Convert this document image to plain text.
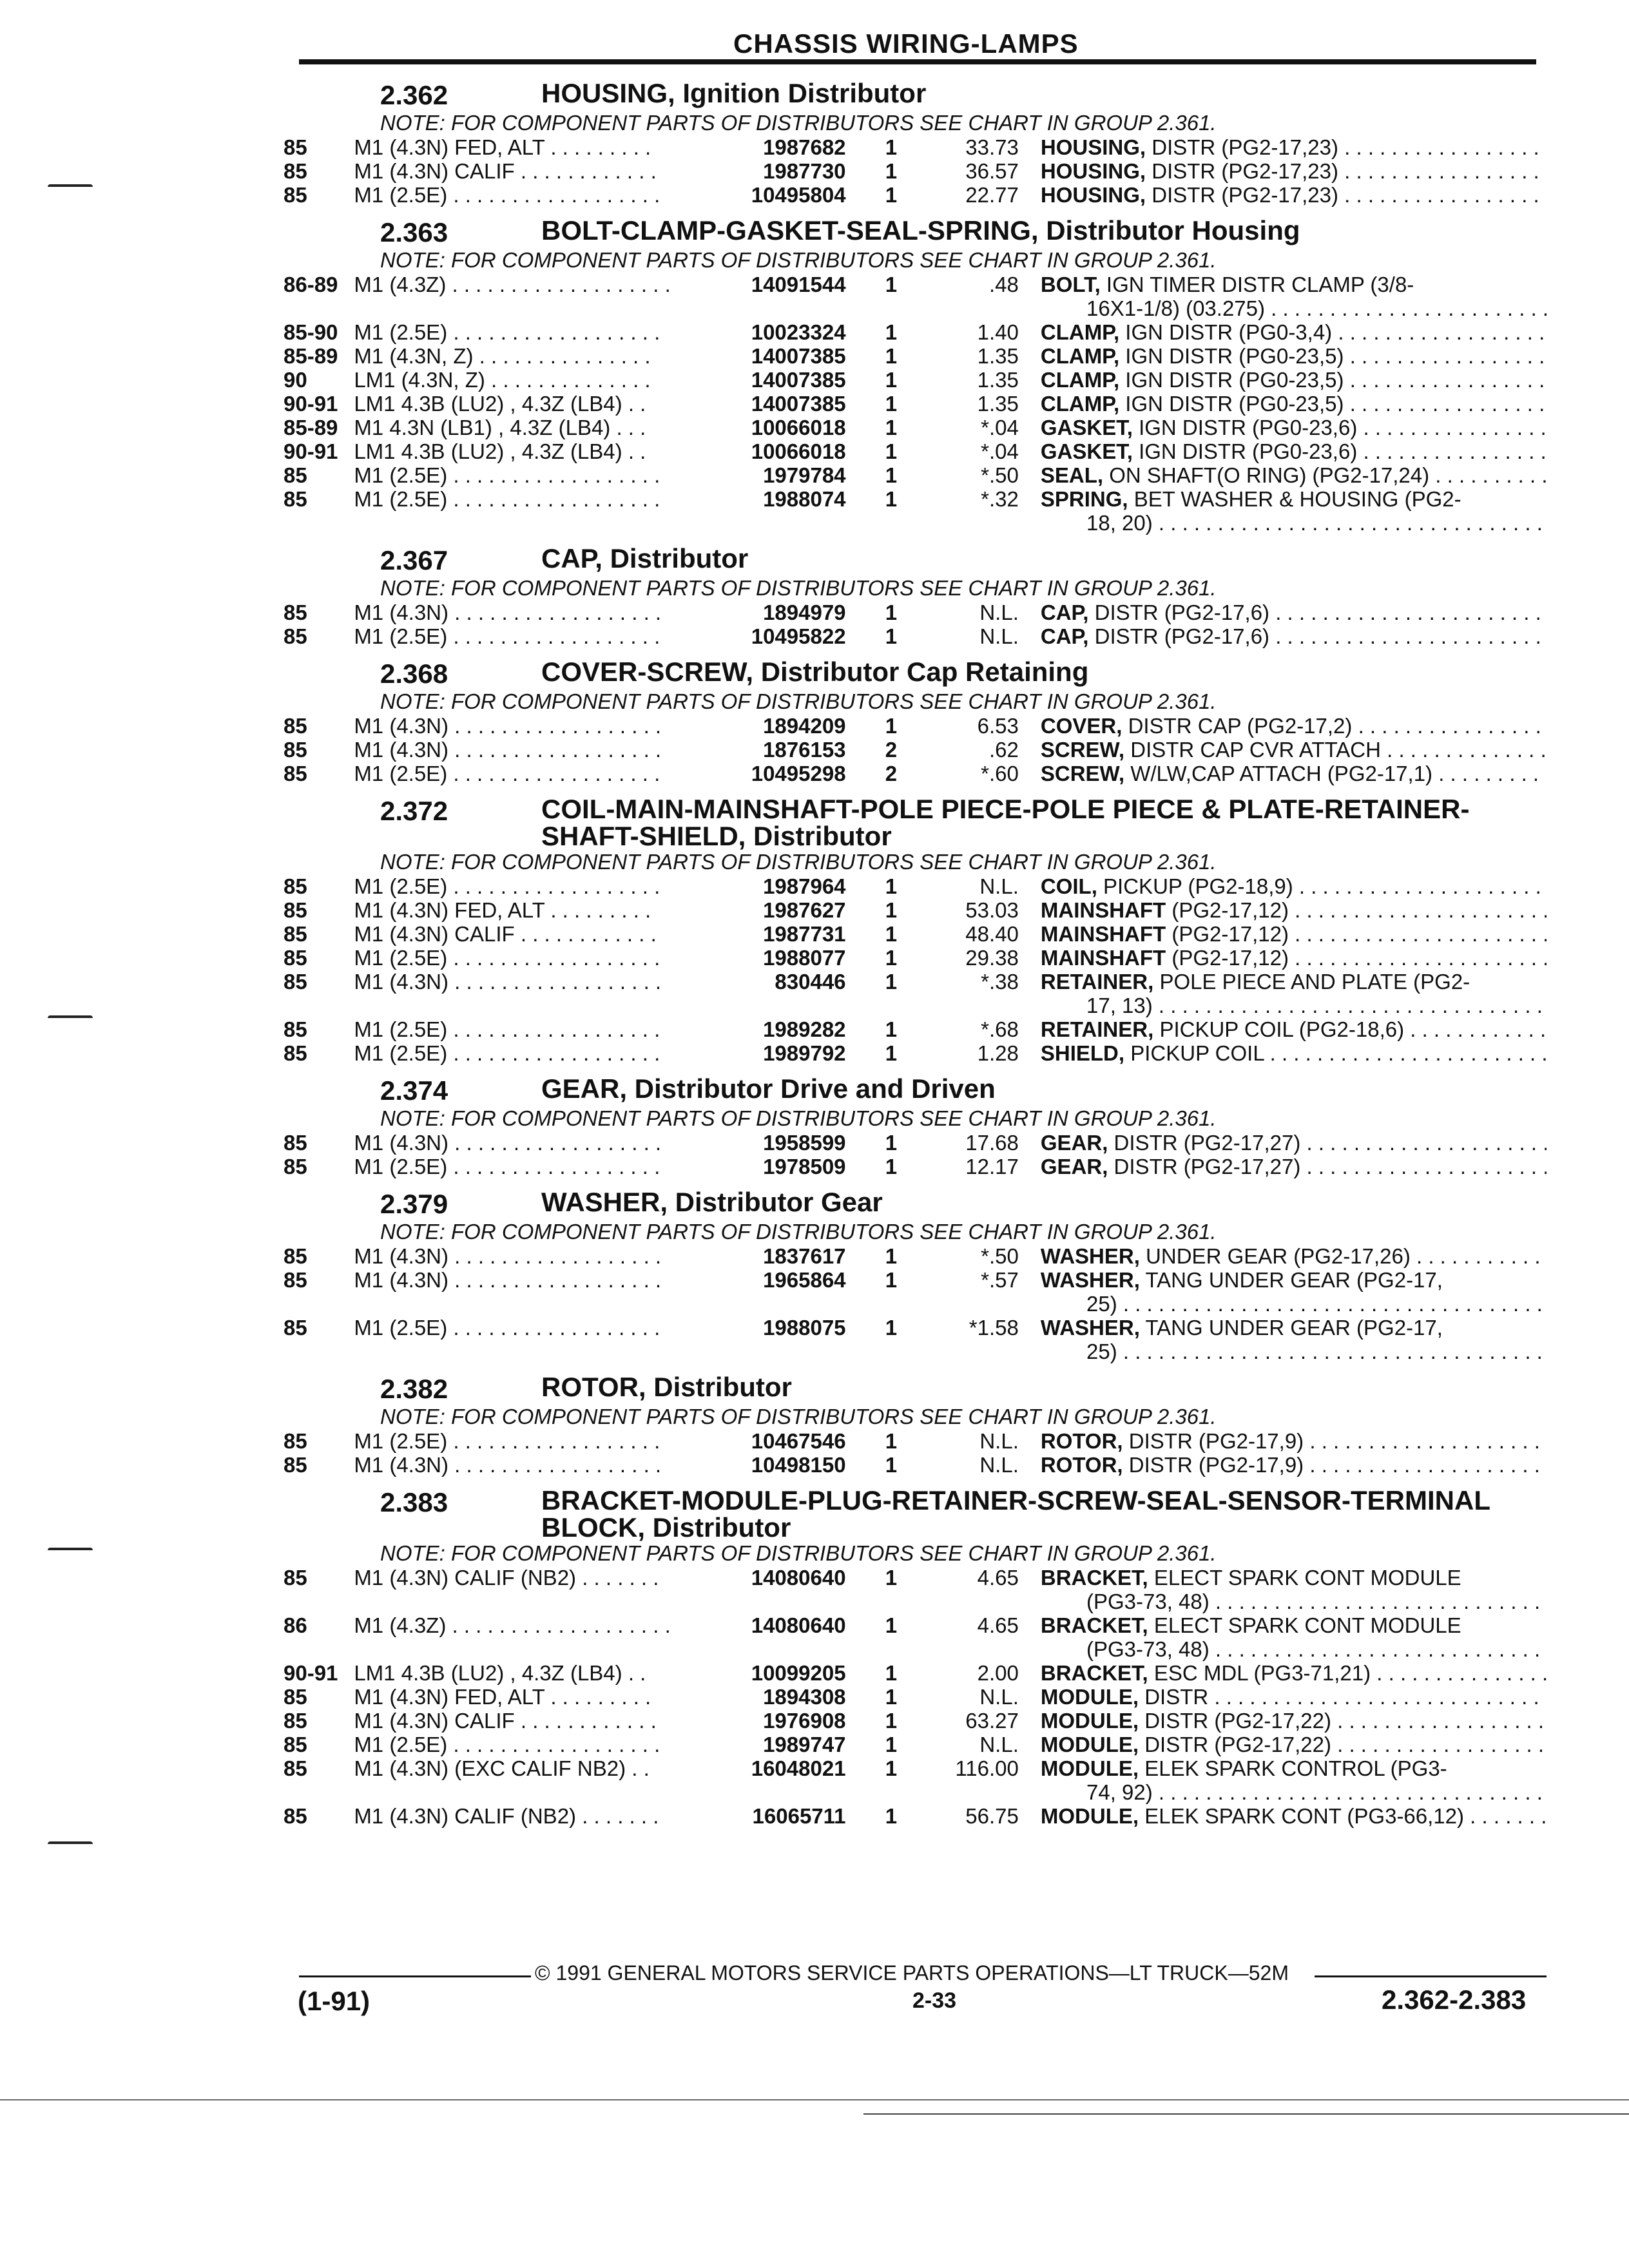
CHASSIS WIRING-LAMPS
2.362	HOUSING, Ignition Distributor
NOTE: FOR COMPONENT PARTS OF DISTRIBUTORS SEE CHART IN GROUP 2.361.
85	M1 (4.3N) FED, ALT . . . . . . . . .	1987682	1	33.73 HOUSING, DISTR (PG2-17,23) . . .
85	M1 (4.3N) CALIF . . . . . . . . . . . .	1987730	1	36.57 HOUSING, DISTR (PG2-17,23) . . .
85	M1 (2.5E) . . . . . . . . . . . . . . . . . .	10495804	1	22.77 HOUSING, DISTR (PG2-17,23) . . .
2.363	BOLT-CLAMP-GASKET-SEAL-SPRING, Distributor Housing
NOTE: FOR COMPONENT PARTS OF DISTRIBUTORS SEE CHART IN GROUP 2.361.
86-89 M1 (4.3Z) . . . . . . . . . . . . . . . . . . .	14091544	1	.48 BOLT, IGN TIMER DISTR CLAMP (3/8-
16X1-1/8) (03.275) . . .
85-90 M1 (2.5E) . . . . . . . . . . . . . . . . . .	10023324	1	1.40 CLAMP, IGN DISTR (PG0-3,4) . . .
85-89 M1 (4.3N, Z) . . . . . . . . . . . . . . .	14007385	1	1.35 CLAMP, IGN DISTR (PG0-23,5) . . .
90	LM1 (4.3N, Z) . . . . . . . . . . . . . .	14007385	1	1.35 CLAMP, IGN DISTR (PG0-23,5) . . .
90-91 LM1 4.3B (LU2) , 4.3Z (LB4) . .	14007385	1	1.35 CLAMP, IGN DISTR (PG0-23,5) . . .
85-89 M1 4.3N (LB1) , 4.3Z (LB4) . . .	10066018	1	*.04 GASKET, IGN DISTR (PG0-23,6) . . .
90-91 LM1 4.3B (LU2) , 4.3Z (LB4) . .	10066018	1	*.04 GASKET, IGN DISTR (PG0-23,6) . . .
85	M1 (2.5E) . . . . . . . . . . . . . . . . . .	1979784	1	*.50 SEAL, ON SHAFT(O RING) (PG2-17,24) . . .
85	M1 (2.5E) . . . . . . . . . . . . . . . . . .	1988074	1	*.32 SPRING, BET WASHER & HOUSING (PG2-
18, 20) . . .
2.367	CAP, Distributor
NOTE: FOR COMPONENT PARTS OF DISTRIBUTORS SEE CHART IN GROUP 2.361.
85	M1 (4.3N) . . . . . . . . . . . . . . . . . .	1894979	1	N.L. CAP, DISTR (PG2-17,6) . . .
85	M1 (2.5E) . . . . . . . . . . . . . . . . . .	10495822	1	N.L. CAP, DISTR (PG2-17,6) . . .
2.368	COVER-SCREW, Distributor Cap Retaining
NOTE: FOR COMPONENT PARTS OF DISTRIBUTORS SEE CHART IN GROUP 2.361.
85	M1 (4.3N) . . . . . . . . . . . . . . . . . .	1894209	1	6.53 COVER, DISTR CAP (PG2-17,2) . . .
85	M1 (4.3N) . . . . . . . . . . . . . . . . . .	1876153	2	.62 SCREW, DISTR CAP CVR ATTACH . . .
85	M1 (2.5E) . . . . . . . . . . . . . . . . . .	10495298	2	*.60 SCREW, W/LW,CAP ATTACH (PG2-17,1) . . .
2.372	COIL-MAIN-MAINSHAFT-POLE PIECE-POLE PIECE & PLATE-RETAINER-SHAFT-SHIELD, Distributor
NOTE: FOR COMPONENT PARTS OF DISTRIBUTORS SEE CHART IN GROUP 2.361.
85	M1 (2.5E) . . . . . . . . . . . . . . . . . .	1987964	1	N.L. COIL, PICKUP (PG2-18,9) . . .
85	M1 (4.3N) FED, ALT . . . . . . . . .	1987627	1	53.03 MAINSHAFT (PG2-17,12) . . .
85	M1 (4.3N) CALIF . . . . . . . . . . . .	1987731	1	48.40 MAINSHAFT (PG2-17,12) . . .
85	M1 (2.5E) . . . . . . . . . . . . . . . . . .	1988077	1	29.38 MAINSHAFT (PG2-17,12) . . .
85	M1 (4.3N) . . . . . . . . . . . . . . . . . .	830446	1	*.38 RETAINER, POLE PIECE AND PLATE (PG2-
17, 13) . . .
85	M1 (2.5E) . . . . . . . . . . . . . . . . . .	1989282	1	*.68 RETAINER, PICKUP COIL (PG2-18,6) . . .
85	M1 (2.5E) . . . . . . . . . . . . . . . . . .	1989792	1	1.28 SHIELD, PICKUP COIL . . .
2.374	GEAR, Distributor Drive and Driven
NOTE: FOR COMPONENT PARTS OF DISTRIBUTORS SEE CHART IN GROUP 2.361.
85	M1 (4.3N) . . . . . . . . . . . . . . . . . .	1958599	1	17.68 GEAR, DISTR (PG2-17,27) . . .
85	M1 (2.5E) . . . . . . . . . . . . . . . . . .	1978509	1	12.17 GEAR, DISTR (PG2-17,27) . . .
2.379	WASHER, Distributor Gear
NOTE: FOR COMPONENT PARTS OF DISTRIBUTORS SEE CHART IN GROUP 2.361.
85	M1 (4.3N) . . . . . . . . . . . . . . . . . .	1837617	1	*.50 WASHER, UNDER GEAR (PG2-17,26) . . .
85	M1 (4.3N) . . . . . . . . . . . . . . . . . .	1965864	1	*.57 WASHER, TANG UNDER GEAR (PG2-17,
25) . . .
85	M1 (2.5E) . . . . . . . . . . . . . . . . . .	1988075	1	*1.58 WASHER, TANG UNDER GEAR (PG2-17,
25) . . .
2.382	ROTOR, Distributor
NOTE: FOR COMPONENT PARTS OF DISTRIBUTORS SEE CHART IN GROUP 2.361.
85	M1 (2.5E) . . . . . . . . . . . . . . . . . .	10467546	1	N.L. ROTOR, DISTR (PG2-17,9) . . .
85	M1 (4.3N) . . . . . . . . . . . . . . . . . .	10498150	1	N.L. ROTOR, DISTR (PG2-17,9) . . .
2.383	BRACKET-MODULE-PLUG-RETAINER-SCREW-SEAL-SENSOR-TERMINAL BLOCK, Distributor
NOTE: FOR COMPONENT PARTS OF DISTRIBUTORS SEE CHART IN GROUP 2.361.
85	M1 (4.3N) CALIF (NB2) . . . . . . .	14080640	1	4.65 BRACKET, ELECT SPARK CONT MODULE
(PG3-73, 48) . . .
86	M1 (4.3Z) . . . . . . . . . . . . . . . . . . .	14080640	1	4.65 BRACKET, ELECT SPARK CONT MODULE
(PG3-73, 48) . . .
90-91 LM1 4.3B (LU2) , 4.3Z (LB4) . .	10099205	1	2.00 BRACKET, ESC MDL (PG3-71,21) . . .
85	M1 (4.3N) FED, ALT . . . . . . . . .	1894308	1	N.L. MODULE, DISTR . . .
85	M1 (4.3N) CALIF . . . . . . . . . . . .	1976908	1	63.27 MODULE, DISTR (PG2-17,22) . . .
85	M1 (2.5E) . . . . . . . . . . . . . . . . . .	1989747	1	N.L. MODULE, DISTR (PG2-17,22) . . .
85	M1 (4.3N) (EXC CALIF NB2) . .	16048021	1	116.00 MODULE, ELEK SPARK CONTROL (PG3-
74, 92) . . .
85	M1 (4.3N) CALIF (NB2) . . . . . . .	16065711	1	56.75 MODULE, ELEK SPARK CONT (PG3-66,12) . . .
© 1991 GENERAL MOTORS SERVICE PARTS OPERATIONS—LT TRUCK—52M
(1-91)	2-33	2.362-2.383
